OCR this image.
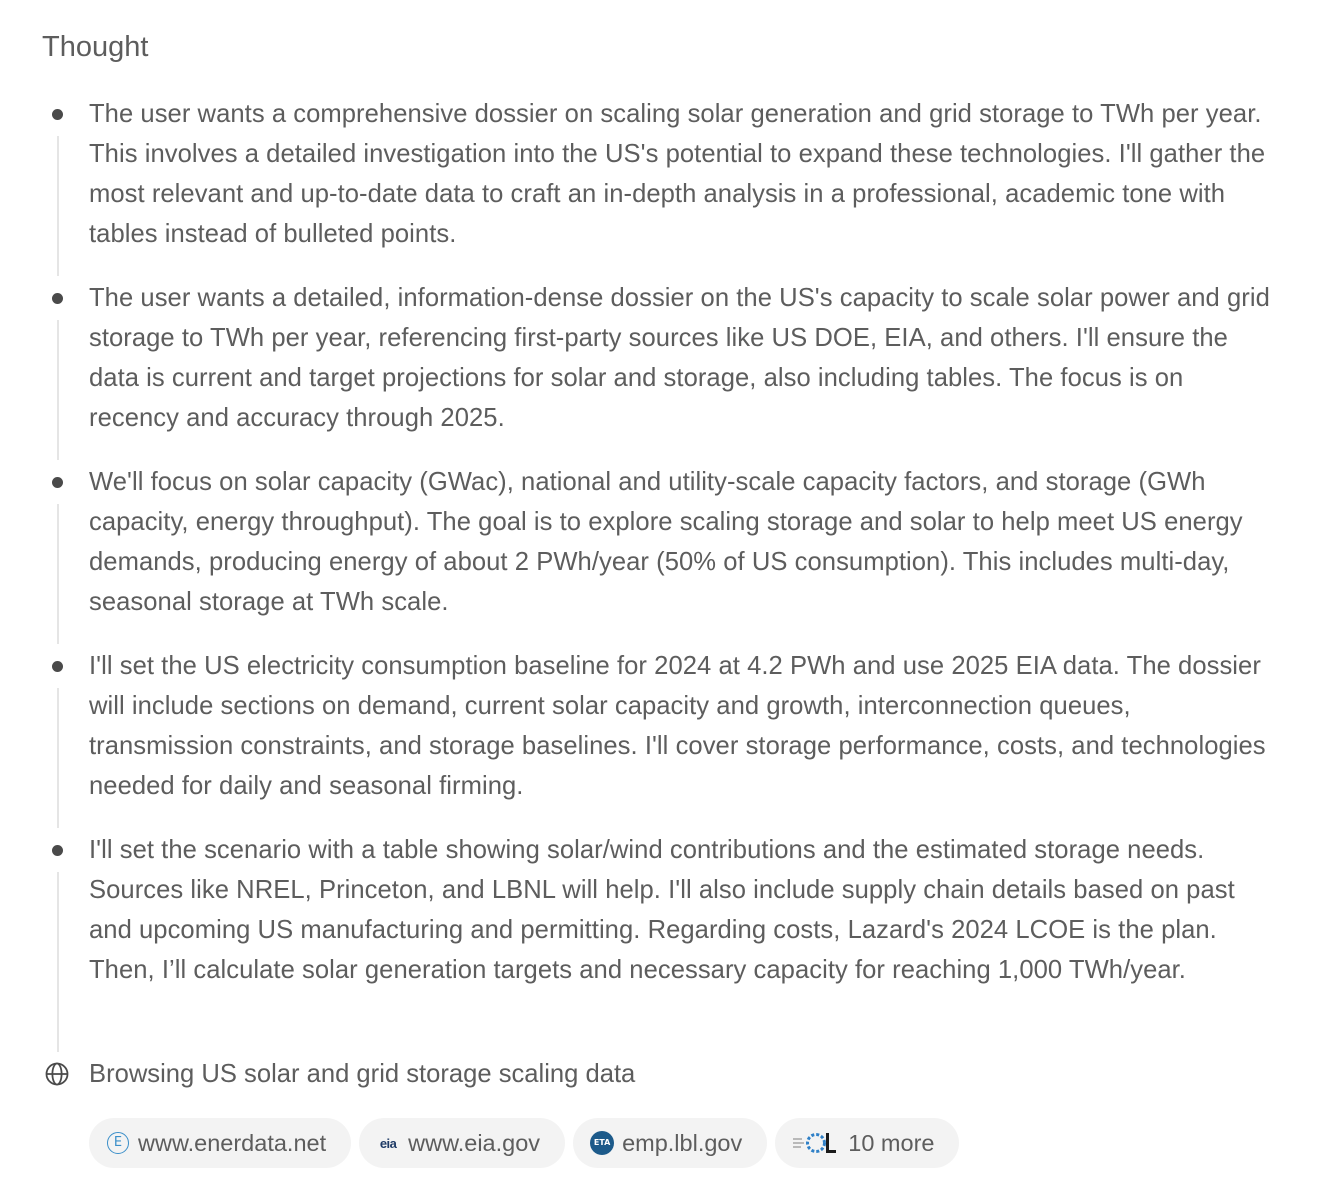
Thought

The user wants a comprehensive dossier on scaling solar generation and grid storage to TWh per year. This involves a detailed investigation into the US's potential to expand these technologies. I'll gather the most relevant and up-to-date data to craft an in-depth analysis in a professional, academic tone with tables instead of bulleted points.

The user wants a detailed, information-dense dossier on the US's capacity to scale solar power and grid storage to TWh per year, referencing first-party sources like US DOE, EIA, and others. I'll ensure the data is current and target projections for solar and storage, also including tables. The focus is on recency and accuracy through 2025.

We'll focus on solar capacity (GWac), national and utility-scale capacity factors, and storage (GWh capacity, energy throughput). The goal is to explore scaling storage and solar to help meet US energy demands, producing energy of about 2 PWh/year (50% of US consumption). This includes multi-day, seasonal storage at TWh scale.

I'll set the US electricity consumption baseline for 2024 at 4.2 PWh and use 2025 EIA data. The dossier will include sections on demand, current solar capacity and growth, interconnection queues, transmission constraints, and storage baselines. I'll cover storage performance, costs, and technologies needed for daily and seasonal firming.

I'll set the scenario with a table showing solar/wind contributions and the estimated storage needs. Sources like NREL, Princeton, and LBNL will help. I'll also include supply chain details based on past and upcoming US manufacturing and permitting. Regarding costs, Lazard's 2024 LCOE is the plan. Then, I’ll calculate solar generation targets and necessary capacity for reaching 1,000 TWh/year.

Browsing US solar and grid storage scaling data
E www.enerdata.net	eia www.eia.gov	ETA emp.lbl.gov	10 more
